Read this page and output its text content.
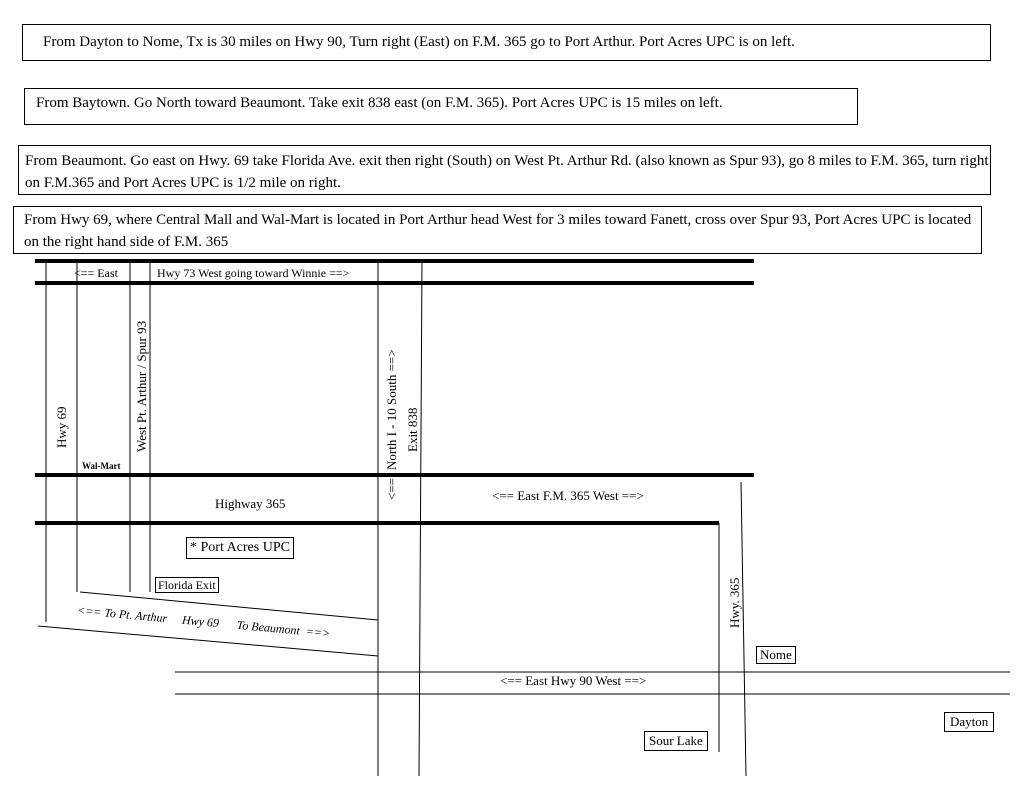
From Dayton to Nome, Tx is 30 miles on Hwy 90, Turn right (East) on F.M. 365 go to Port Arthur. Port Acres UPC is on left.
From Baytown. Go North toward Beaumont. Take exit 838 east (on F.M. 365). Port Acres UPC is 15 miles on left.
From Beaumont. Go east on Hwy. 69 take Florida Ave. exit then right (South) on West Pt. Arthur Rd. (also known as Spur 93), go 8 miles to F.M. 365, turn right on F.M.365 and Port Acres UPC is 1/2 mile on right.
From Hwy 69, where Central Mall and Wal-Mart is located in Port Arthur head West for 3 miles toward Fanett, cross over Spur 93, Port Acres UPC is located on the right hand side of F.M. 365
<== East	Hwy 73 West going toward Winnie ==>
Hwy 69
Wal-Mart
West Pt. Arthur / Spur 93	North I - 10 South ==>
<==
Exit 838
Highway 365
<== East F.M. 365 West ==>
* Port Acres UPC
Florida Exit
<== To Pt. Arthur     Hwy 69      To Beaumont  ==>	Hwy. 365
Nome
<== East Hwy 90 West ==>
Dayton
Sour Lake
